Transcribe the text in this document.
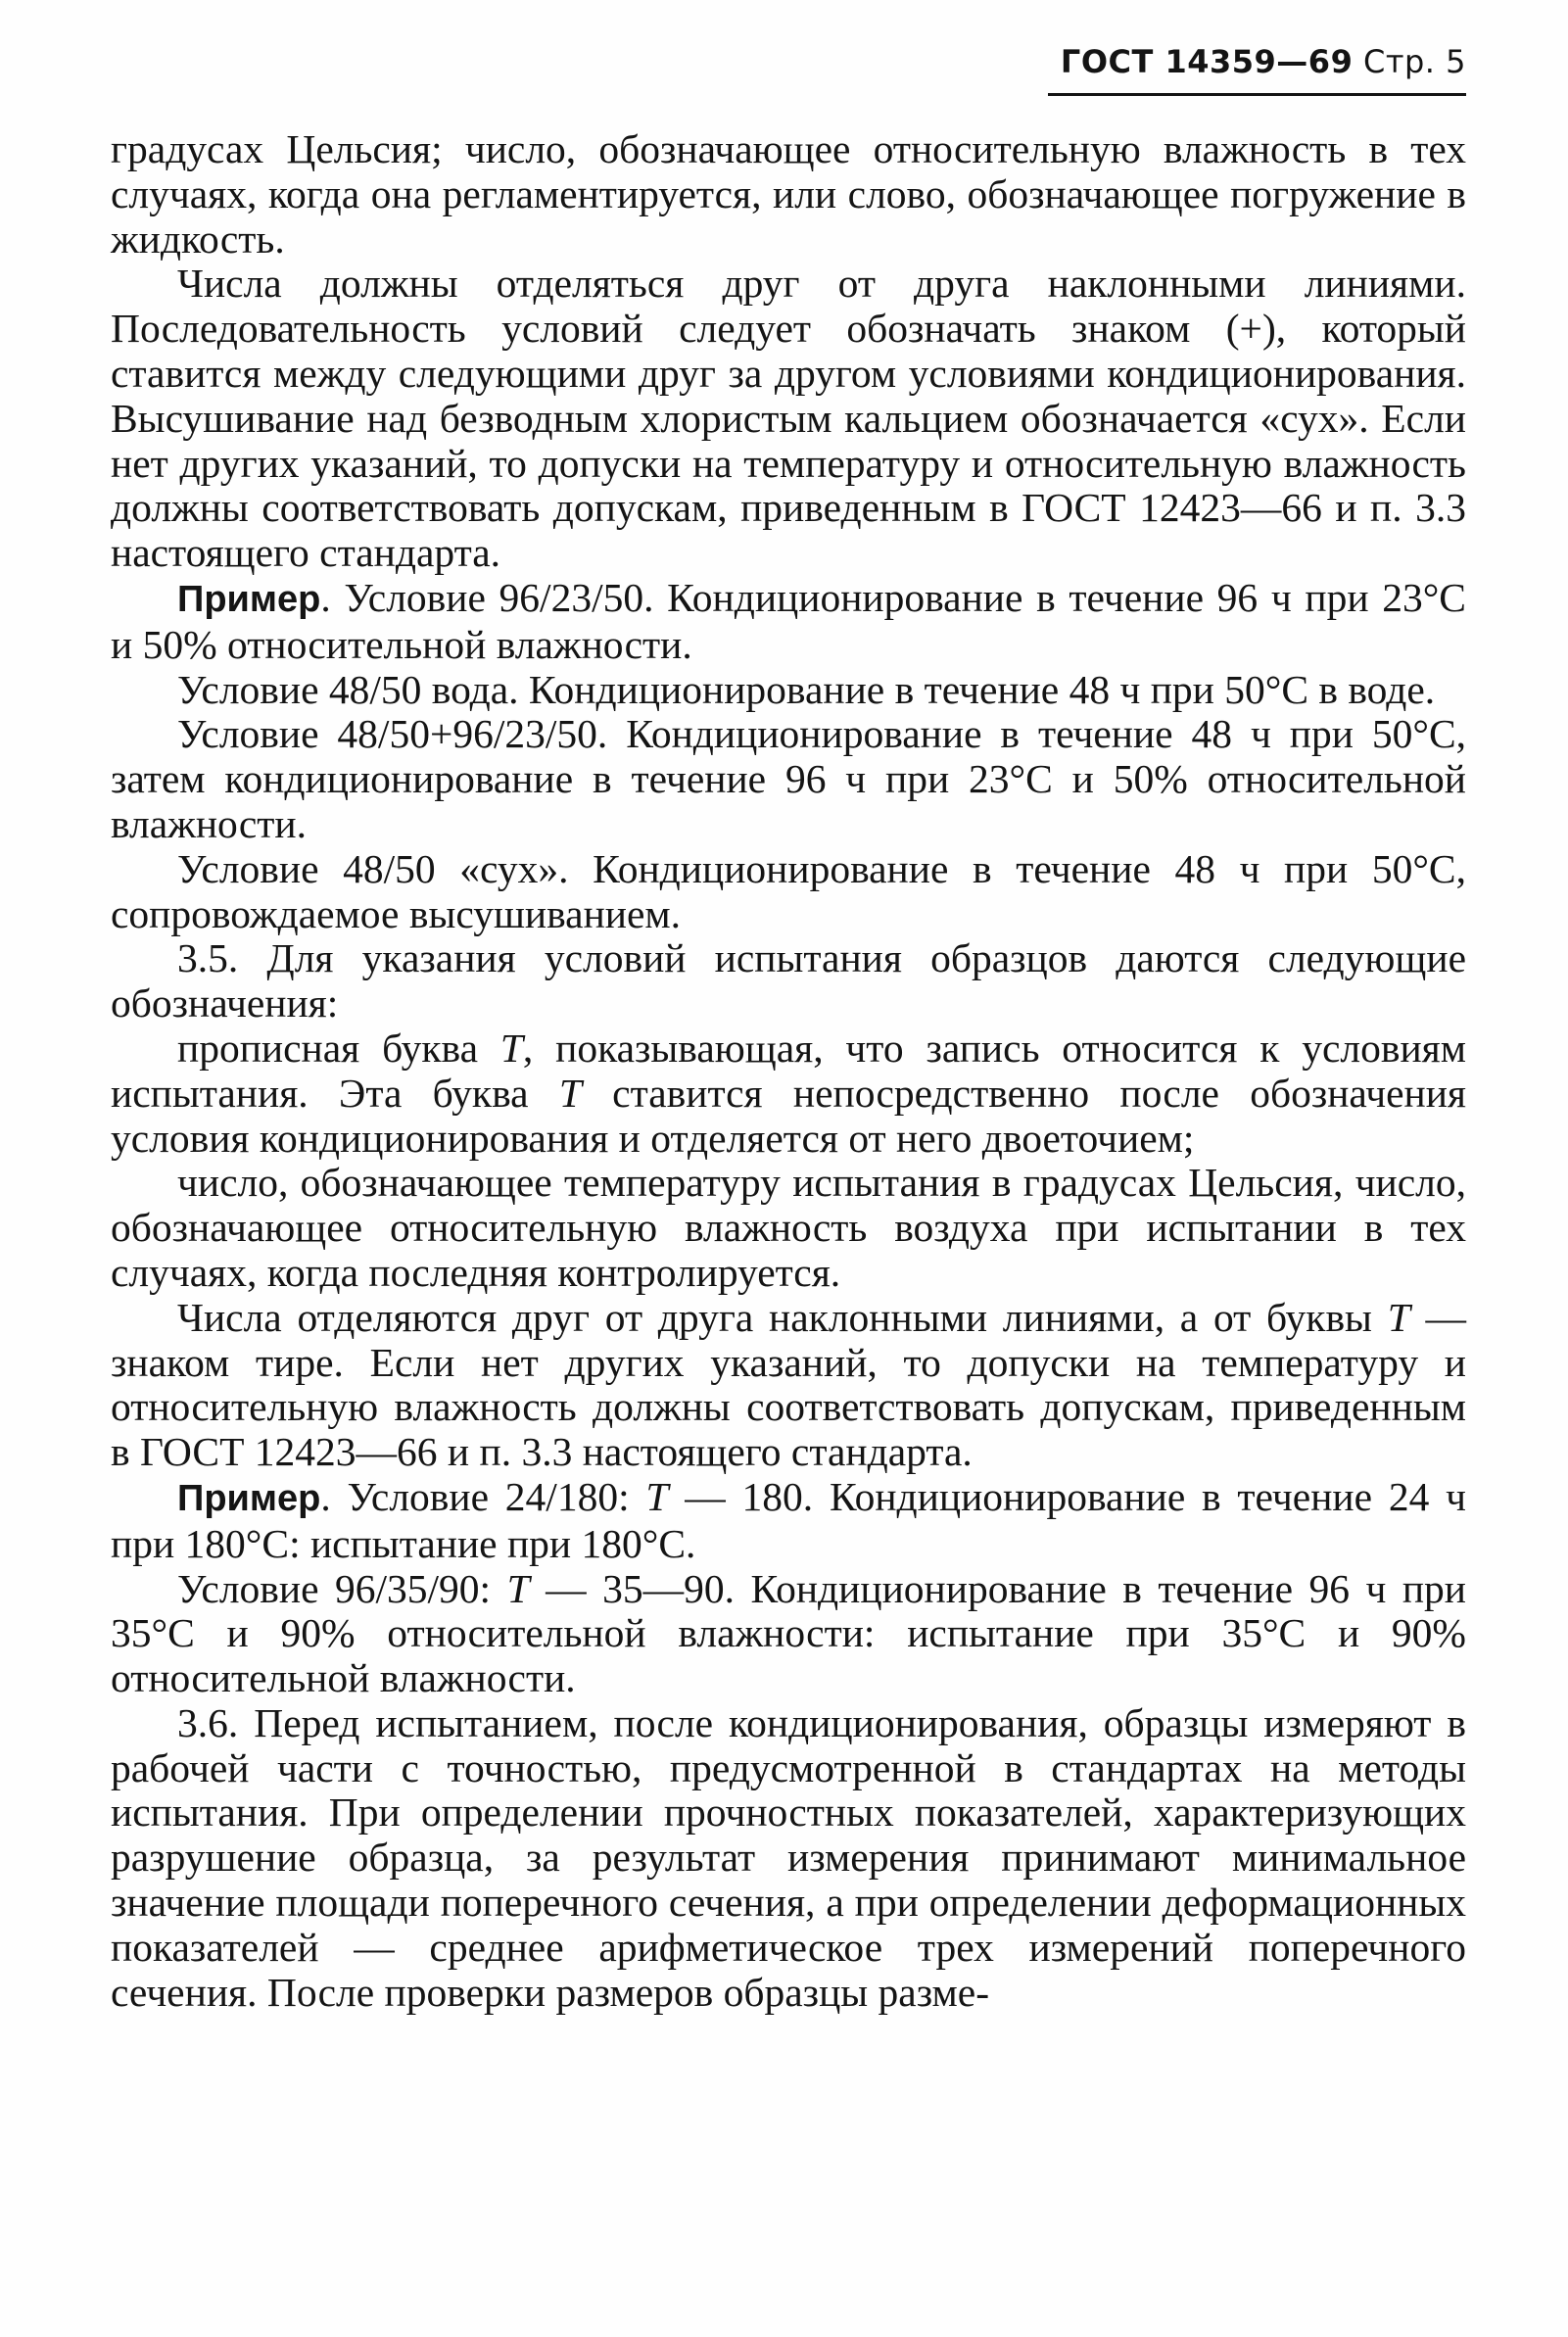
ГОСТ 14359—69 Стр. 5

градусах Цельсия; число, обозначающее относительную влажность в тех случаях, когда она регламентируется, или слово, обозначающее погружение в жидкость.

Числа должны отделяться друг от друга наклонными линиями. Последовательность условий следует обозначать знаком (+), который ставится между следующими друг за другом условиями кондиционирования. Высушивание над безводным хлористым кальцием обозначается «сух». Если нет других указаний, то допуски на температуру и относительную влажность должны соответствовать допускам, приведенным в ГОСТ 12423—66 и п. 3.3 настоящего стандарта.

Пример. Условие 96/23/50. Кондиционирование в течение 96 ч при 23°С и 50% относительной влажности.

Условие 48/50 вода. Кондиционирование в течение 48 ч при 50°С в воде.

Условие 48/50+96/23/50. Кондиционирование в течение 48 ч при 50°С, затем кондиционирование в течение 96 ч при 23°С и 50% относительной влажности.

Условие 48/50 «сух». Кондиционирование в течение 48 ч при 50°С, сопровождаемое высушиванием.

3.5. Для указания условий испытания образцов даются следующие обозначения:

прописная буква Т, показывающая, что запись относится к условиям испытания. Эта буква Т ставится непосредственно после обозначения условия кондиционирования и отделяется от него двоеточием;

число, обозначающее температуру испытания в градусах Цельсия, число, обозначающее относительную влажность воздуха при испытании в тех случаях, когда последняя контролируется.

Числа отделяются друг от друга наклонными линиями, а от буквы Т — знаком тире. Если нет других указаний, то допуски на температуру и относительную влажность должны соответствовать допускам, приведенным в ГОСТ 12423—66 и п. 3.3 настоящего стандарта.

Пример. Условие 24/180: Т — 180. Кондиционирование в течение 24 ч при 180°С: испытание при 180°С.

Условие 96/35/90: Т — 35—90. Кондиционирование в течение 96 ч при 35°С и 90% относительной влажности: испытание при 35°С и 90% относительной влажности.

3.6. Перед испытанием, после кондиционирования, образцы измеряют в рабочей части с точностью, предусмотренной в стандартах на методы испытания. При определении прочностных показателей, характеризующих разрушение образца, за результат измерения принимают минимальное значение площади поперечного сечения, а при определении деформационных показателей — среднее арифметическое трех измерений поперечного сечения. После проверки размеров образцы разме-
